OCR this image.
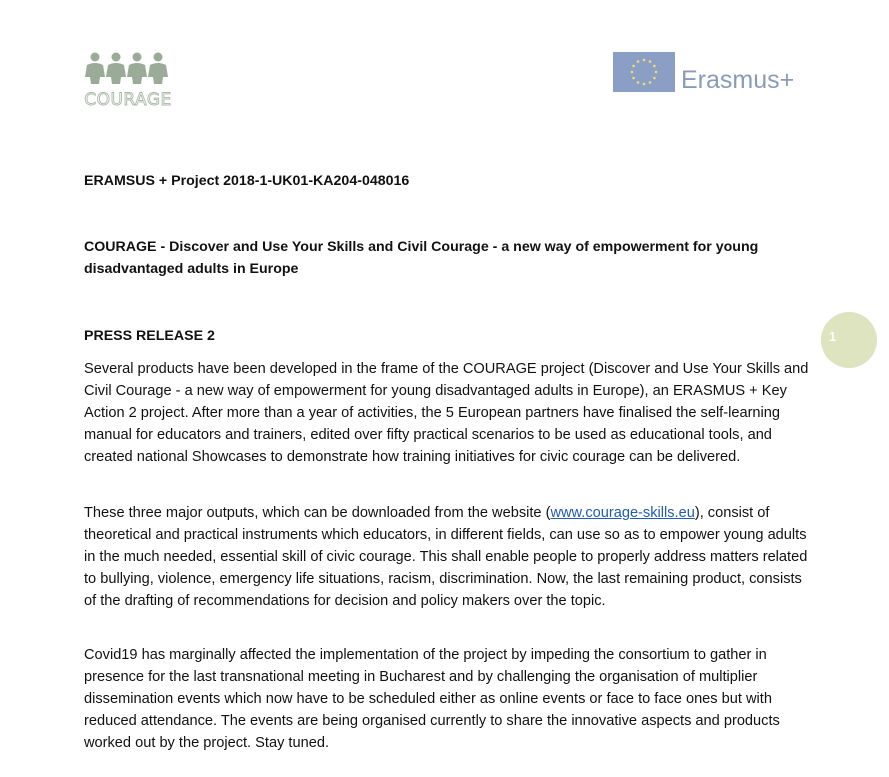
COURAGE
Erasmus+

ERAMSUS + Project 2018-1-UK01-KA204-048016

COURAGE - Discover and Use Your Skills and Civil Courage - a new way of empowerment for young
disadvantaged adults in Europe

PRESS RELEASE 2

Several products have been developed in the frame of the COURAGE project (Discover and Use Your Skills and Civil Courage - a new way of empowerment for young disadvantaged adults in Europe), an ERASMUS + Key Action 2 project. After more than a year of activities, the 5 European partners have finalised the self-learning manual for educators and trainers, edited over fifty practical scenarios to be used as educational tools, and created national Showcases to demonstrate how training initiatives for civic courage can be delivered.

These three major outputs, which can be downloaded from the website (www.courage-skills.eu), consist of theoretical and practical instruments which educators, in different fields, can use so as to empower young adults in the much needed, essential skill of civic courage. This shall enable people to properly address matters related to bullying, violence, emergency life situations, racism, discrimination. Now, the last remaining product, consists of the drafting of recommendations for decision and policy makers over the topic.

Covid19 has marginally affected the implementation of the project by impeding the consortium to gather in presence for the last transnational meeting in Bucharest and by challenging the organisation of multiplier dissemination events which now have to be scheduled either as online events or face to face ones but with reduced attendance. The events are being organised currently to share the innovative aspects and products worked out by the project. Stay tuned.

1
